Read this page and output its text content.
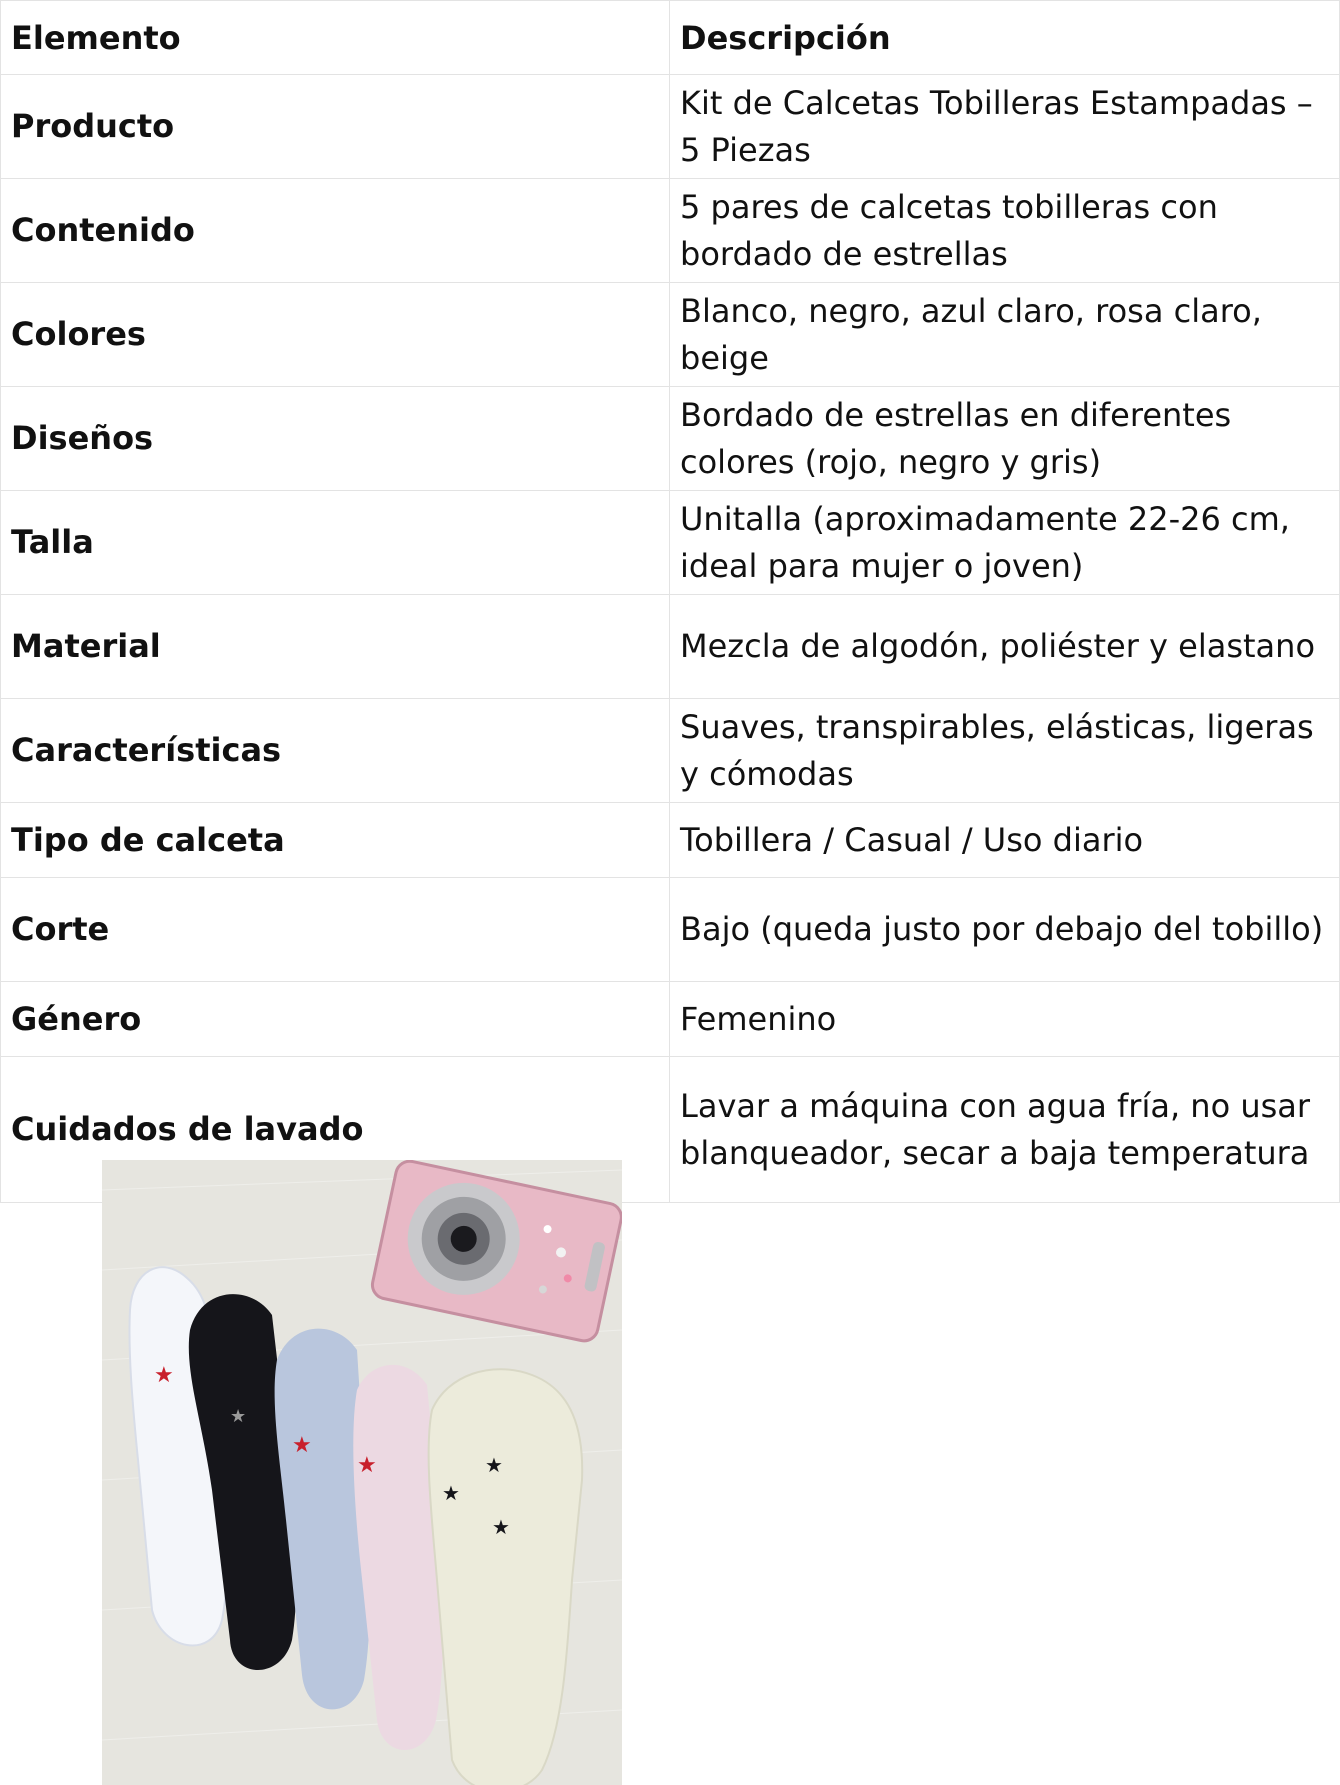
Elemento	Descripción
Producto	Kit de Calcetas Tobilleras Estampadas – 5 Piezas
Contenido	5 pares de calcetas tobilleras con bordado de estrellas
Colores	Blanco, negro, azul claro, rosa claro, beige
Diseños	Bordado de estrellas en diferentes colores (rojo, negro y gris)
Talla	Unitalla (aproximadamente 22-26 cm, ideal para mujer o joven)
Material	Mezcla de algodón, poliéster y elastano
Características	Suaves, transpirables, elásticas, ligeras y cómodas
Tipo de calceta	Tobillera / Casual / Uso diario
Corte	Bajo (queda justo por debajo del tobillo)
Género	Femenino
Cuidados de lavado	Lavar a máquina con agua fría, no usar blanqueador, secar a baja temperatura
★
★
★
★	★
★
★
